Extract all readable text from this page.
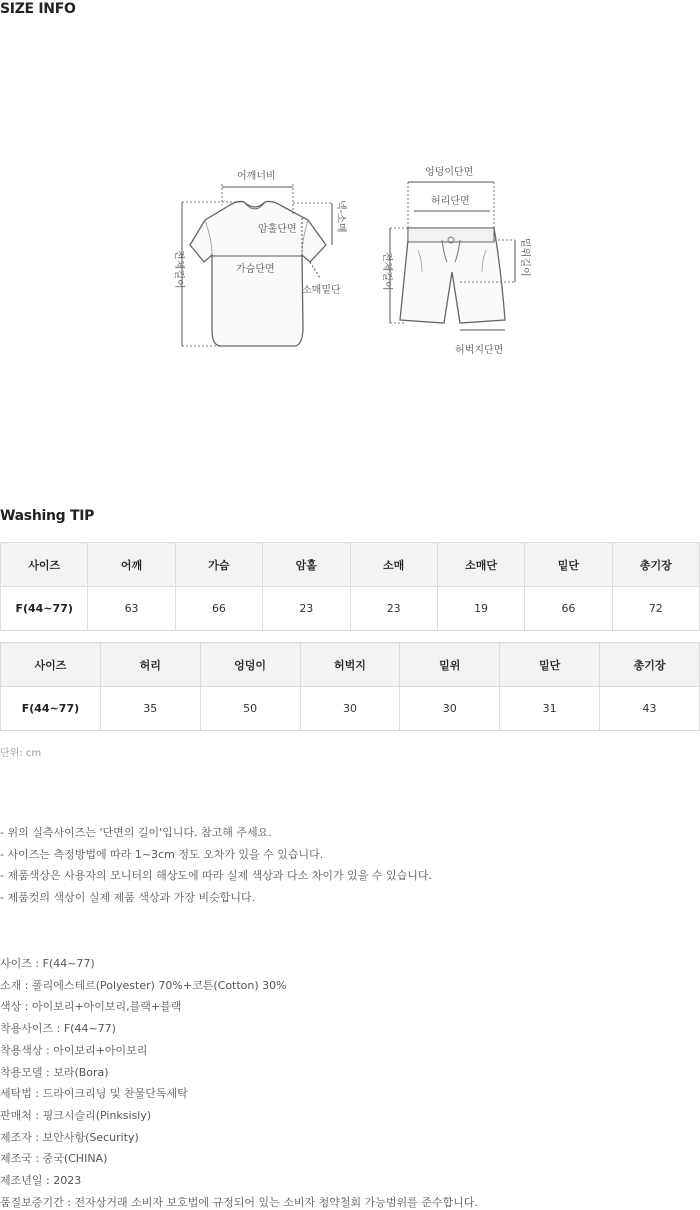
SIZE INFO
어깨너비
넥-소매
암홀단면
가슴단면
소매밑단
전체길이
엉덩이단면
허리단면
밑위길이
전체길이
허벅지단면
Washing TIP
사이즈	어깨	가슴	암홀	소매	소매단	밑단	총기장
F(44~77)	63	66	23	23	19	66	72
사이즈	허리	엉덩이	허벅지	밑위	밑단	총기장
F(44~77)	35	50	30	30	31	43
단위: cm
- 위의 실측사이즈는 '단면의 길이'입니다. 참고해 주세요.
- 사이즈는 측정방법에 따라 1~3cm 정도 오차가 있을 수 있습니다.
- 제품색상은 사용자의 모니터의 해상도에 따라 실제 색상과 다소 차이가 있을 수 있습니다.
- 제품컷의 색상이 실제 제품 색상과 가장 비슷합니다.
사이즈 : F(44~77)
소재 : 폴리에스테르(Polyester) 70%+코튼(Cotton) 30%
색상 : 아이보리+아이보리,블랙+블랙
착용사이즈 : F(44~77)
착용색상 : 아이보리+아이보리
착용모델 : 보라(Bora)
세탁법 : 드라이크리닝 및 찬물단독세탁
판매처 : 핑크시슬리(Pinksisly)
제조자 : 보안사항(Security)
제조국 : 중국(CHINA)
제조년일 : 2023
품질보증기간 : 전자상거래 소비자 보호법에 규정되어 있는 소비자 청약철회 가능범위를 준수합니다.
